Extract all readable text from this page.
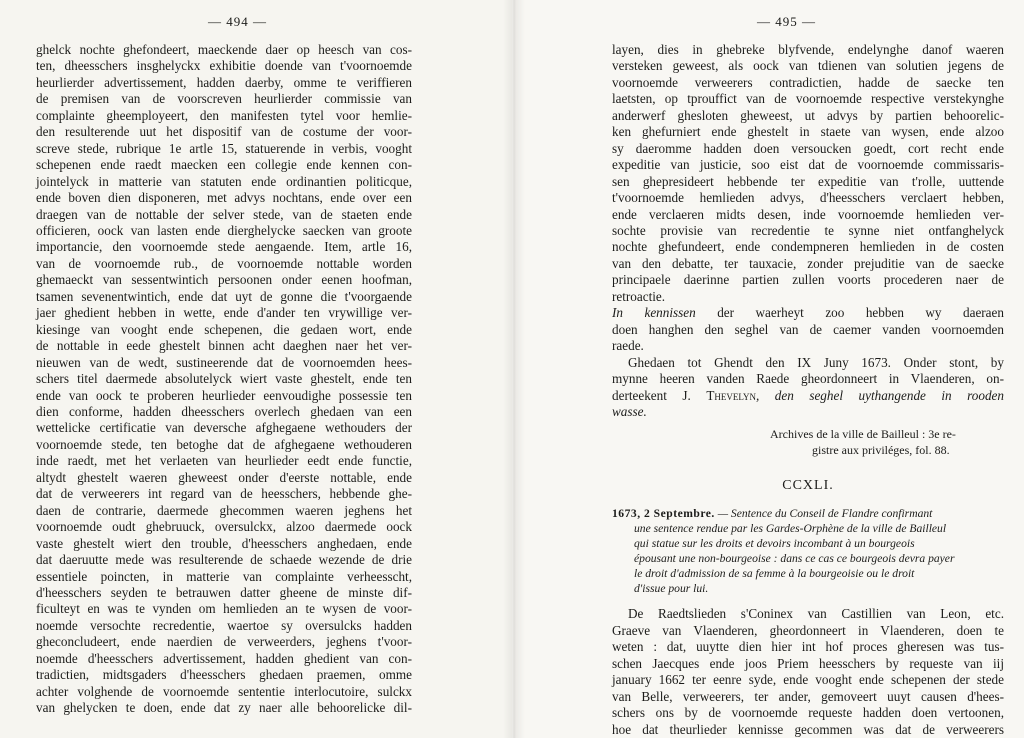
— 494 —
ghelck nochte ghefondeert, maeckende daer op heesch van cos-
ten, dheesschers insghelyckx exhibitie doende van t'voornoemde
heurlierder advertissement, hadden daerby, omme te veriffieren
de premisen van de voorscreven heurlierder commissie van
complainte gheemployeert, den manifesten tytel voor hemlie-
den resulterende uut het dispositif van de costume der voor-
screve stede, rubrique 1e artle 15, statuerende in verbis, vooght
schepenen ende raedt maecken een collegie ende kennen con-
jointelyck in matterie van statuten ende ordinantien politicque,
ende boven dien disponeren, met advys nochtans, ende over een
draegen van de nottable der selver stede, van de staeten ende
officieren, oock van lasten ende dierghelycke saecken van groote
importancie, den voornoemde stede aengaende. Item, artle 16,
van de voornoemde rub., de voornoemde nottable worden
ghemaeckt van sessentwintich persoonen onder eenen hoofman,
tsamen sevenentwintich, ende dat uyt de gonne die t'voorgaende
jaer ghedient hebben in wette, ende d'ander ten vrywillige ver-
kiesinge van vooght ende schepenen, die gedaen wort, ende
de nottable in eede ghestelt binnen acht daeghen naer het ver-
nieuwen van de wedt, sustineerende dat de voornoemden hees-
schers titel daermede absolutelyck wiert vaste ghestelt, ende ten
ende van oock te proberen heurlieder eenvoudighe possessie ten
dien conforme, hadden dheesschers overlech ghedaen van een
wettelicke certificatie van deversche afghegaene wethouders der
voornoemde stede, ten betoghe dat de afghegaene wethouderen
inde raedt, met het verlaeten van heurlieder eedt ende functie,
altydt ghestelt waeren gheweest onder d'eerste nottable, ende
dat de verweerers int regard van de heesschers, hebbende ghe-
daen de contrarie, daermede ghecommen waeren jeghens het
voornoemde oudt ghebruuck, oversulckx, alzoo daermede oock
vaste ghestelt wiert den trouble, d'heesschers anghedaen, ende
dat daeruutte mede was resulterende de schaede wezende de drie
essentiele poincten, in matterie van complainte verheesscht,
d'heesschers seyden te betrauwen datter gheene de minste dif-
ficulteyt en was te vynden om hemlieden an te wysen de voor-
noemde versochte recredentie, waertoe sy oversulcks hadden
gheconcludeert, ende naerdien de verweerders, jeghens t'voor-
noemde d'heesschers advertissement, hadden ghedient van con-
tradictien, midtsgaders d'heesschers ghedaen praemen, omme
achter volghende de voornoemde sententie interlocutoire, sulckx
van ghelycken te doen, ende dat zy naer alle behoorelicke dil-
— 495 —
layen, dies in ghebreke blyfvende, endelynghe danof waeren
versteken geweest, als oock van tdienen van solutien jegens de
voornoemde verweerers contradictien, hadde de saecke ten
laetsten, op tprouffict van de voornoemde respective verstekynghe
anderwerf ghesloten gheweest, ut advys by partien behoorelic-
ken ghefurniert ende ghestelt in staete van wysen, ende alzoo
sy daeromme hadden doen versoucken goedt, cort recht ende
expeditie van justicie, soo eist dat de voornoemde commissaris-
sen ghepresideert hebbende ter expeditie van t'rolle, uuttende
t'voornoemde hemlieden advys, d'heesschers verclaert hebben,
ende verclaeren midts desen, inde voornoemde hemlieden ver-
sochte provisie van recredentie te synne niet ontfanghelyck
nochte ghefundeert, ende condempneren hemlieden in de costen
van den debatte, ter tauxacie, zonder prejuditie van de saecke
principaele daerinne partien zullen voorts procederen naer de
retroactie.
In kennissen der waerheyt zoo hebben wy daeraen
doen hanghen den seghel van de caemer vanden voornoemden
raede.
Ghedaen tot Ghendt den IX Juny 1673. Onder stont, by
mynne heeren vanden Raede gheordonneert in Vlaenderen, on-
derteekent J. Thevelyn, den seghel uythangende in rooden
wasse.
Archives de la ville de Bailleul : 3e re-
gistre aux priviléges, fol. 88.
CCXLI.
1673, 2 Septembre. — Sentence du Conseil de Flandre confirmant
une sentence rendue par les Gardes-Orphène de la ville de Bailleul
qui statue sur les droits et devoirs incombant à un bourgeois
épousant une non-bourgeoise : dans ce cas ce bourgeois devra payer
le droit d'admission de sa femme à la bourgeoisie ou le droit
d'issue pour lui.
De Raedtslieden s'Coninex van Castillien van Leon, etc.
Graeve van Vlaenderen, gheordonneert in Vlaenderen, doen te
weten : dat, uuytte dien hier int hof proces gheresen was tus-
schen Jaecques ende joos Priem heesschers by requeste van iij
january 1662 ter eenre syde, ende vooght ende schepenen der stede
van Belle, verweerers, ter ander, gemoveert uuyt causen d'hees-
schers ons by de voornoemde requeste hadden doen vertoonen,
hoe dat theurlieder kennisse gecommen was dat de verweerers
